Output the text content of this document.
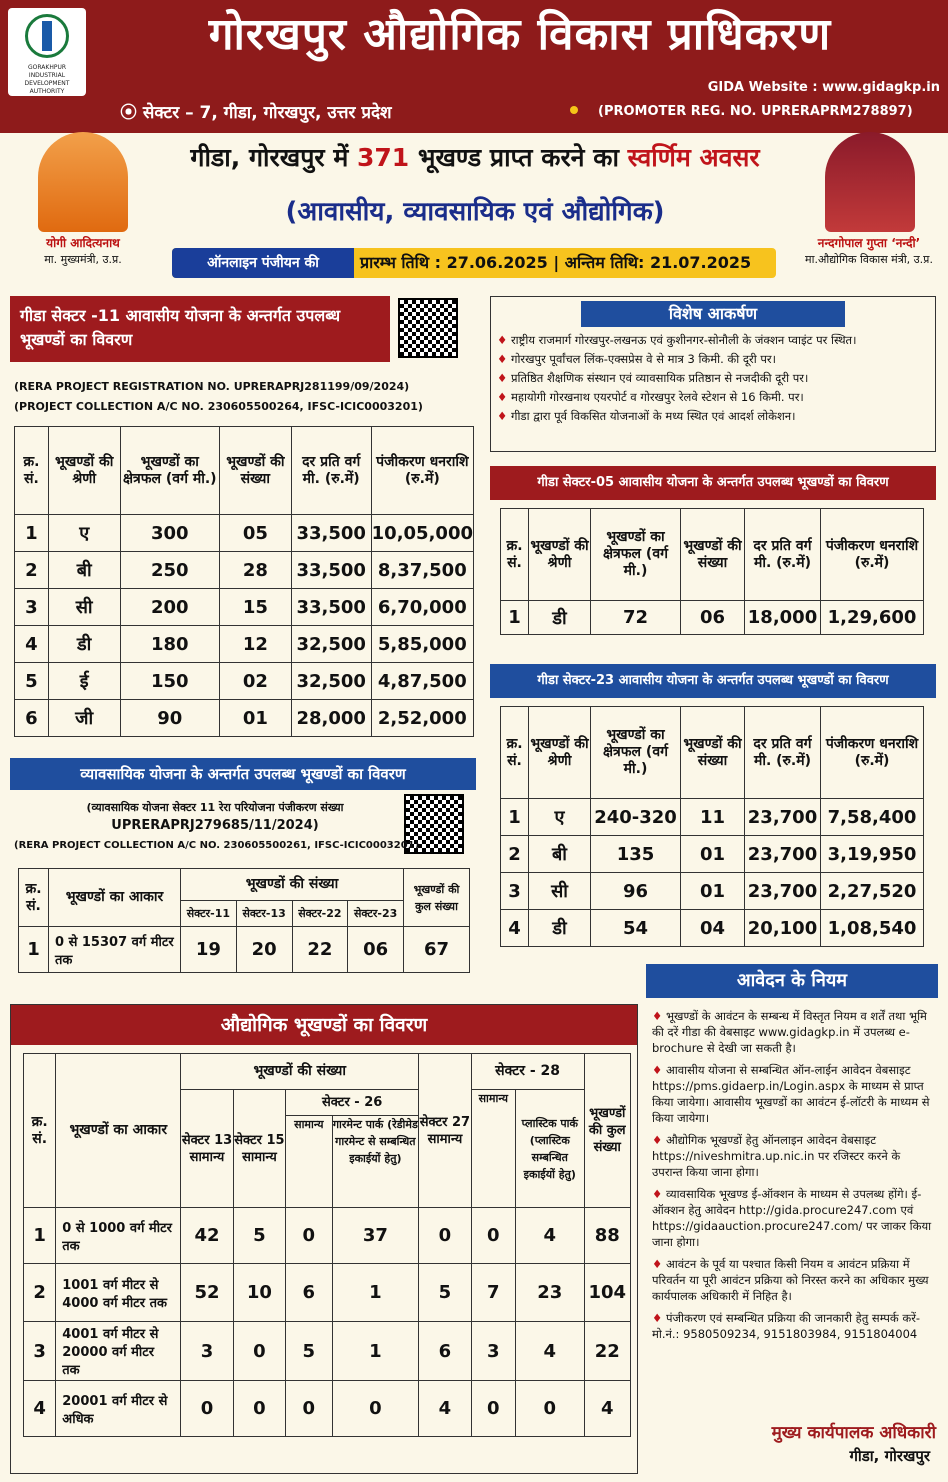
GORAKHPUR INDUSTRIAL DEVELOPMENT AUTHORITY
गोरखपुर औद्योगिक विकास प्राधिकरण
GIDA Website : www.gidagkp.in
⦿ सेक्टर – 7, गीडा, गोरखपुर, उत्तर प्रदेश	(PROMOTER REG. NO. UPRERAPRM278897)
योगी आदित्यनाथ
मा. मुख्यमंत्री, उ.प्र.
नन्दगोपाल गुप्ता ‘नन्दी’
मा.औद्योगिक विकास मंत्री, उ.प्र.
गीडा, गोरखपुर में 371 भूखण्ड प्राप्त करने का स्वर्णिम अवसर
(आवासीय, व्यावसायिक एवं औद्योगिक)
ऑनलाइन पंजीयन की	प्रारम्भ तिथि : 27.06.2025 | अन्तिम तिथि: 21.07.2025
गीडा सेक्टर -11 आवासीय योजना के अन्तर्गत उपलब्ध भूखण्डों का विवरण
(RERA PROJECT REGISTRATION NO. UPRERAPRJ281199/09/2024)
(PROJECT COLLECTION A/C NO. 230605500264, IFSC-ICIC0003201)
क्र. सं.	भूखण्डों की श्रेणी	भूखण्डों का क्षेत्रफल (वर्ग मी.)	भूखण्डों की संख्या	दर प्रति वर्ग मी. (रु.में)	पंजीकरण धनराशि (रु.में)
1	ए	300	05	33,500	10,05,000
2	बी	250	28	33,500	8,37,500
3	सी	200	15	33,500	6,70,000
4	डी	180	12	32,500	5,85,000
5	ई	150	02	32,500	4,87,500
6	जी	90	01	28,000	2,52,000
विशेष आकर्षण
♦ राष्ट्रीय राजमार्ग गोरखपुर-लखनऊ एवं कुशीनगर-सोनौली के जंक्शन प्वाइंट पर स्थित।
♦ गोरखपुर पूर्वांचल लिंक-एक्सप्रेस वे से मात्र 3 किमी. की दूरी पर।
♦ प्रतिष्ठित शैक्षणिक संस्थान एवं व्यावसायिक प्रतिष्ठान से नजदीकी दूरी पर।
♦ महायोगी गोरखनाथ एयरपोर्ट व गोरखपुर रेलवे स्टेशन से 16 किमी. पर।
♦ गीडा द्वारा पूर्व विकसित योजनाओं के मध्य स्थित एवं आदर्श लोकेशन।
गीडा सेक्टर-05 आवासीय योजना के अन्तर्गत उपलब्ध भूखण्डों का विवरण
क्र. सं.	भूखण्डों की श्रेणी	भूखण्डों का क्षेत्रफल (वर्ग मी.)	भूखण्डों की संख्या	दर प्रति वर्ग मी. (रु.में)	पंजीकरण धनराशि (रु.में)
1	डी	72	06	18,000	1,29,600
गीडा सेक्टर-23 आवासीय योजना के अन्तर्गत उपलब्ध भूखण्डों का विवरण
क्र. सं.	भूखण्डों की श्रेणी	भूखण्डों का क्षेत्रफल (वर्ग मी.)	भूखण्डों की संख्या	दर प्रति वर्ग मी. (रु.में)	पंजीकरण धनराशि (रु.में)
1	ए	240-320	11	23,700	7,58,400
2	बी	135	01	23,700	3,19,950
3	सी	96	01	23,700	2,27,520
4	डी	54	04	20,100	1,08,540
व्यावसायिक योजना के अन्तर्गत उपलब्ध भूखण्डों का विवरण
(व्यावसायिक योजना सेक्टर 11 रेरा परियोजना पंजीकरण संख्या
UPRERAPRJ279685/11/2024)
(RERA PROJECT COLLECTION A/C NO. 230605500261, IFSC-ICIC0003201)
क्र. सं.	भूखण्डों का आकार	भूखण्डों की संख्या				भूखण्डों की कुल संख्या
		सेक्टर-11	सेक्टर-13	सेक्टर-22	सेक्टर-23	
1	0 से 15307 वर्ग मीटर तक	19	20	22	06	67
औद्योगिक भूखण्डों का विवरण
क्र. सं.	भूखण्डों का आकार	भूखण्डों की संख्या				सेक्टर 27 सामान्य	सेक्टर - 28		भूखण्डों की कुल संख्या
		सेक्टर 13 सामान्य	सेक्टर 15 सामान्य	सेक्टर - 26			सामान्य	प्लास्टिक पार्क (प्लास्टिक सम्बन्धित इकाईयों हेतु)	
				सामान्य	गारमेन्ट पार्क (रेडीमेड गारमेन्ट से सम्बन्धित इकाईयों हेतु)				
1	0 से 1000 वर्ग मीटर तक	42	5	0	37	0	0	4	88
2	1001 वर्ग मीटर से 4000 वर्ग मीटर तक	52	10	6	1	5	7	23	104
3	4001 वर्ग मीटर से 20000 वर्ग मीटर तक	3	0	5	1	6	3	4	22
4	20001 वर्ग मीटर से अधिक	0	0	0	0	4	0	0	4
आवेदन के नियम
♦ भूखण्डों के आवंटन के सम्बन्ध में विस्तृत नियम व शर्तें तथा भूमि की दरें गीडा की वेबसाइट www.gidagkp.in में उपलब्ध e-brochure से देखी जा सकती है।
♦ आवासीय योजना से सम्बन्धित ऑन-लाईन आवेदन वेबसाइट https://pms.gidaerp.in/Login.aspx के माध्यम से प्राप्त किया जायेगा। आवासीय भूखण्डों का आवंटन ई-लॉटरी के माध्यम से किया जायेगा।
♦ औद्योगिक भूखण्डों हेतु ऑनलाइन आवेदन वेबसाइट https://niveshmitra.up.nic.in पर रजिस्टर करने के उपरान्त किया जाना होगा।
♦ व्यावसायिक भूखण्ड ई-ऑक्शन के माध्यम से उपलब्ध होंगे। ई-ऑक्शन हेतु आवेदन http://gida.procure247.com एवं https://gidaauction.procure247.com/ पर जाकर किया जाना होगा।
♦ आवंटन के पूर्व या पश्चात किसी नियम व आवंटन प्रक्रिया में परिवर्तन या पूरी आवंटन प्रक्रिया को निरस्त करने का अधिकार मुख्य कार्यपालक अधिकारी में निहित है।
♦ पंजीकरण एवं सम्बन्धित प्रक्रिया की जानकारी हेतु सम्पर्क करें- मो.नं.: 9580509234, 9151803984, 9151804004
मुख्य कार्यपालक अधिकारी
गीडा, गोरखपुर
